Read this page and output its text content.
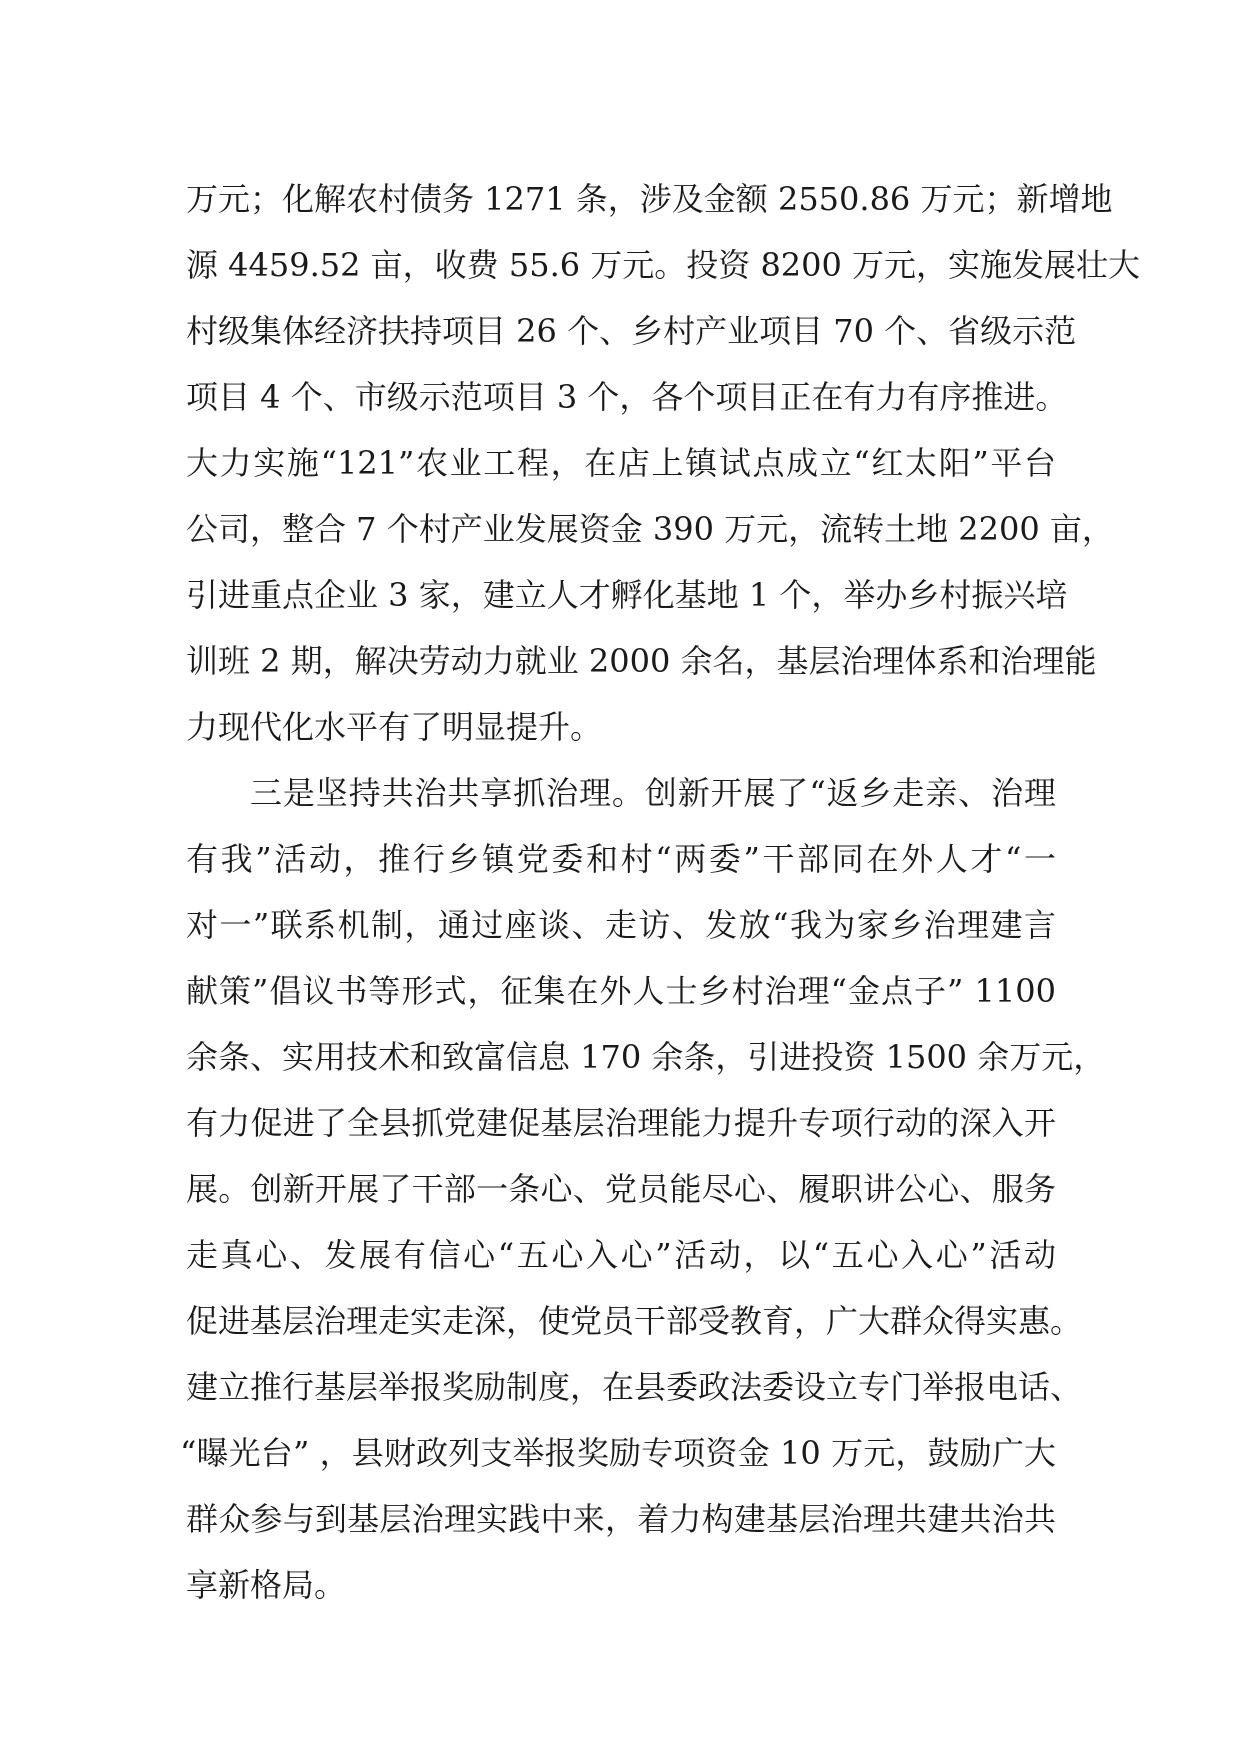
万元；化解农村债务 1271 条，涉及金额 2550.86 万元；新增地
源 4459.52 亩，收费 55.6 万元。投资 8200 万元，实施发展壮大
村级集体经济扶持项目 26 个、乡村产业项目 70 个、省级示范
项目 4 个、市级示范项目 3 个，各个项目正在有力有序推进。
大力实施“121”农业工程，在店上镇试点成立“红太阳”平台
公司，整合 7 个村产业发展资金 390 万元，流转土地 2200 亩，
引进重点企业 3 家，建立人才孵化基地 1 个，举办乡村振兴培
训班 2 期，解决劳动力就业 2000 余名，基层治理体系和治理能
力现代化水平有了明显提升。
三是坚持共治共享抓治理。创新开展了“返乡走亲、治理
有我”活动，推行乡镇党委和村“两委”干部同在外人才“一
对一”联系机制，通过座谈、走访、发放“我为家乡治理建言
献策”倡议书等形式，征集在外人士乡村治理“金点子” 1100
余条、实用技术和致富信息 170 余条，引进投资 1500 余万元，
有力促进了全县抓党建促基层治理能力提升专项行动的深入开
展。创新开展了干部一条心、党员能尽心、履职讲公心、服务
走真心、发展有信心“五心入心”活动，以“五心入心”活动
促进基层治理走实走深，使党员干部受教育，广大群众得实惠。
建立推行基层举报奖励制度，在县委政法委设立专门举报电话、
“曝光台” ，县财政列支举报奖励专项资金 10 万元，鼓励广大
群众参与到基层治理实践中来，着力构建基层治理共建共治共
享新格局。
